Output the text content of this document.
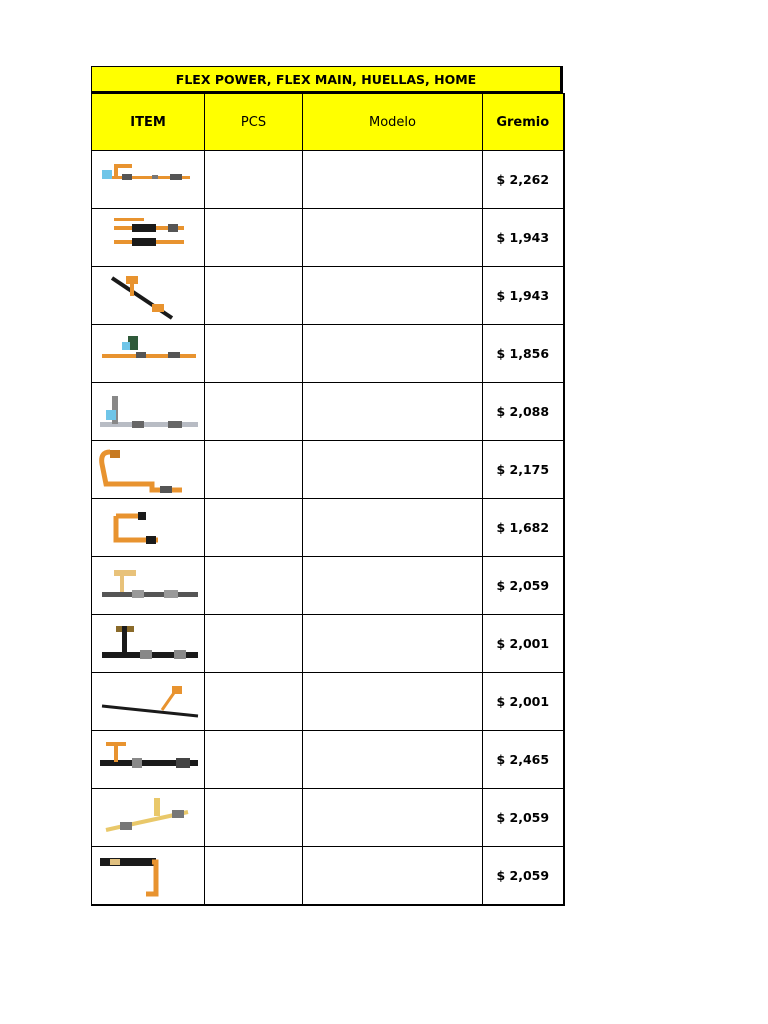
FLEX POWER, FLEX MAIN, HUELLAS, HOME
ITEM	PCS	Modelo	Gremio

			$ 2,262

			$ 1,943

			$ 1,943

			$ 1,856

			$ 2,088

			$ 2,175

			$ 1,682

			$ 2,059

			$ 2,001

			$ 2,001

			$ 2,465

			$ 2,059

			$ 2,059
